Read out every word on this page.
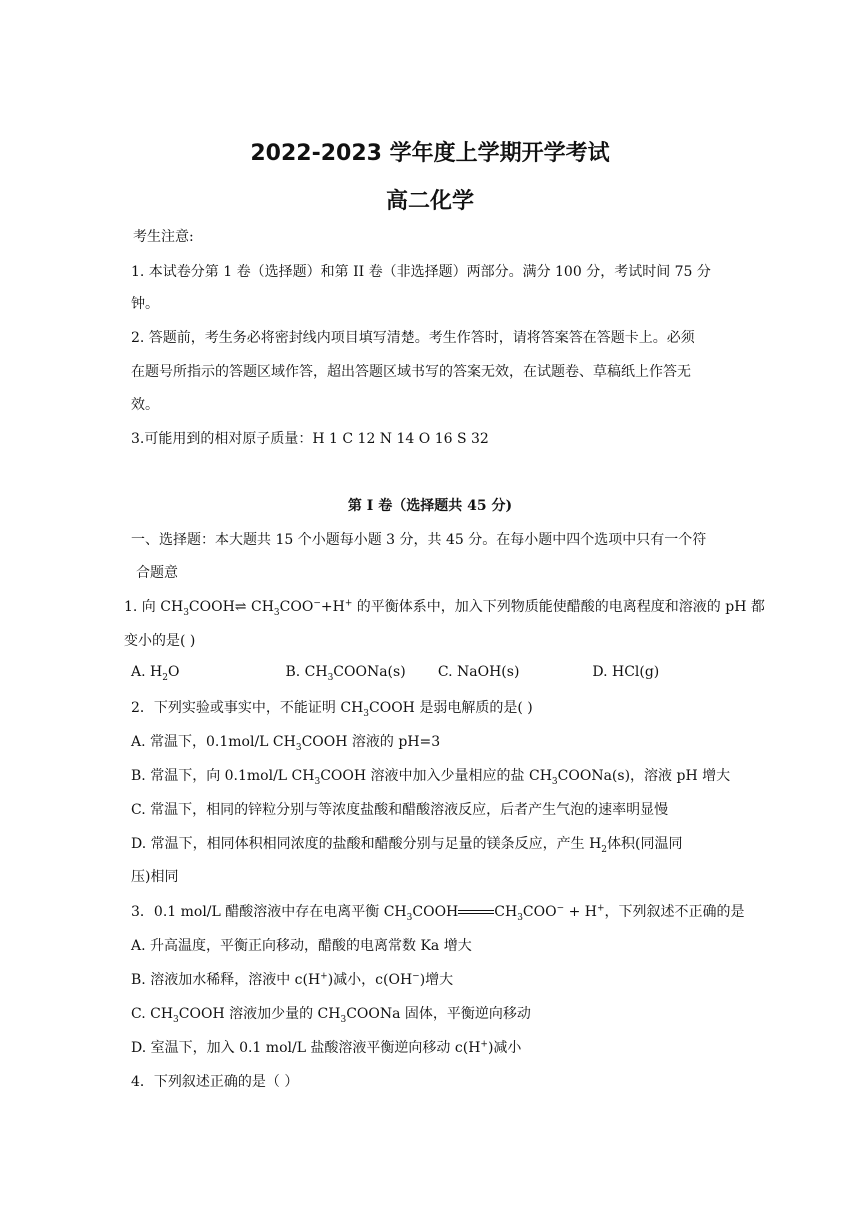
2022-2023 学年度上学期开学考试
高二化学
考生注意:
1. 本试卷分第 1 卷（选择题）和第 II 卷（非选择题）两部分。满分 100 分，考试时间 75 分
钟。
2. 答题前，考生务必将密封线内项目填写清楚。考生作答时，请将答案答在答题卡上。必须
在题号所指示的答题区域作答，超出答题区域书写的答案无效，在试题卷、草稿纸上作答无
效。
3.可能用到的相对原子质量：H 1 C 12 N 14 O 16 S 32
第 I 卷（选择题共 45 分)
一、选择题：本大题共 15 个小题每小题 3 分，共 45 分。在每小题中四个选项中只有一个符
合题意
1. 向 $CH_3COOH\rightleftharpoons$ $CH_3COO^-+H^+$ 的平衡体系中，加入下列物质能使醋酸的电离程度和溶液的 pH 都
变小的是( )
A. $H_2O$	B. $CH_3COONa(s)$ C. NaOH(s)	D. HCl(g)
2．下列实验或事实中，不能证明 $CH_3COOH$ 是弱电解质的是( )
A. 常温下，0.1mol/L $CH_3COOH$ 溶液的 pH=3
B. 常温下，向 0.1mol/L $CH_3COOH$ 溶液中加入少量相应的盐 $CH_3COONa(s)$，溶液 pH 增大
C. 常温下，相同的锌粒分别与等浓度盐酸和醋酸溶液反应，后者产生气泡的速率明显慢
D. 常温下，相同体积相同浓度的盐酸和醋酸分别与足量的镁条反应，产生 $H_2$体积(同温同
压)相同
3．0.1 mol/L 醋酸溶液中存在电离平衡 $CH_3COOH$	$CH_3COO^- + H^+$，下列叙述不正确的是
A. 升高温度，平衡正向移动，醋酸的电离常数 Ka 增大
B. 溶液加水稀释，溶液中 c(H+)减小，c(OH−)增大
C. $CH_3COOH$ 溶液加少量的 $CH_3COONa$ 固体，平衡逆向移动
D. 室温下，加入 0.1 mol/L 盐酸溶液平衡逆向移动 c(H+)减小
4．下列叙述正确的是（ ）
